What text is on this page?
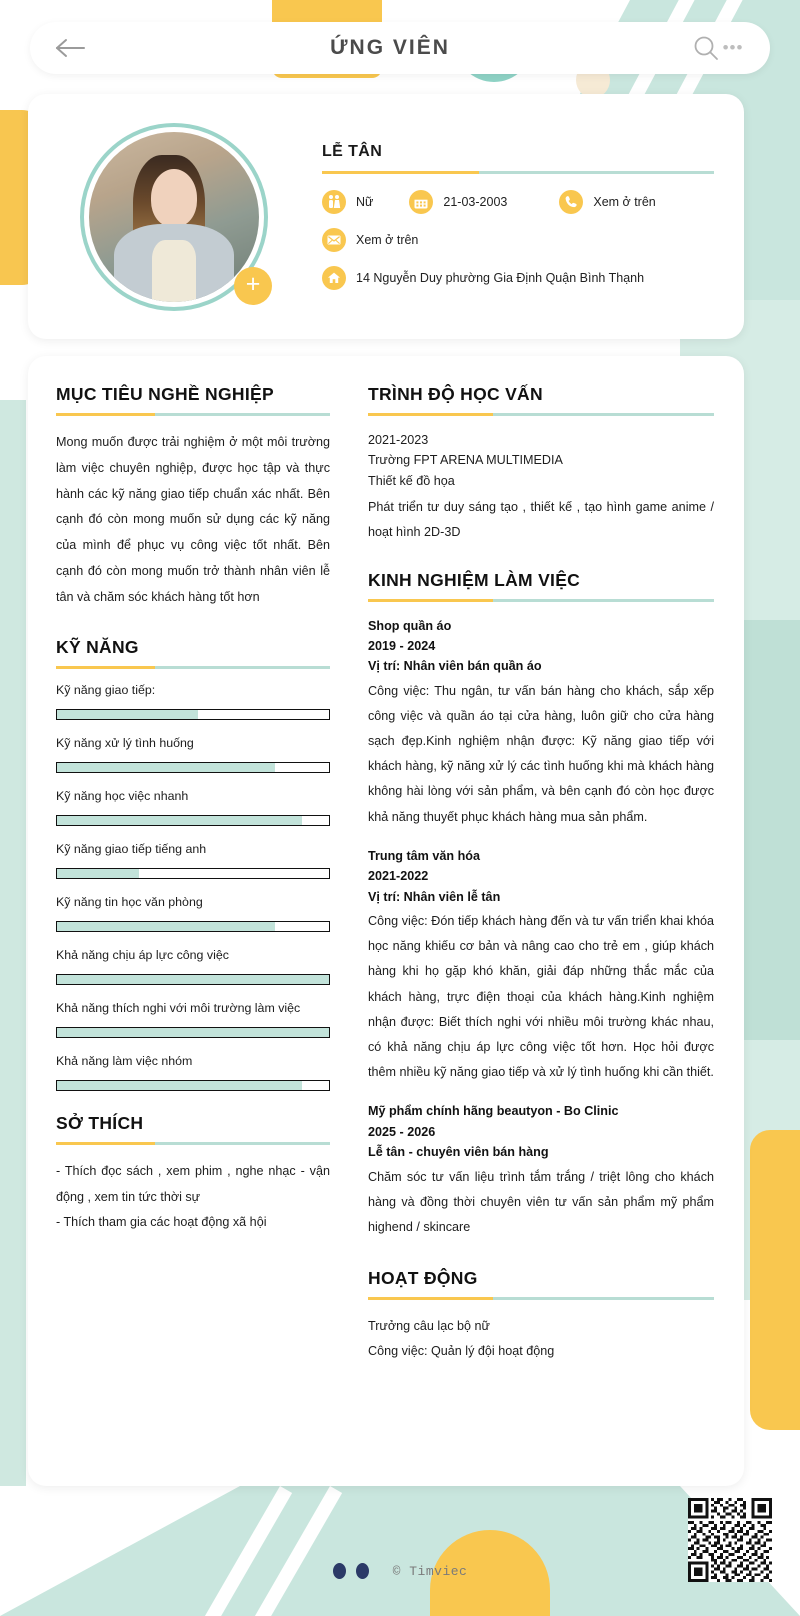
ỨNG VIÊN	•••
+
LỄ TÂN
Nữ	21-03-2003	Xem ở trên
Xem ở trên
14 Nguyễn Duy phường Gia Định Quận Bình Thạnh
MỤC TIÊU NGHỀ NGHIỆP

Mong muốn được trải nghiệm ở một môi trường làm việc chuyên nghiệp, được học tập và thực hành các kỹ năng giao tiếp chuẩn xác nhất. Bên cạnh đó còn mong muốn sử dụng các kỹ năng của mình để phục vụ công việc tốt nhất. Bên cạnh đó còn mong muốn trở thành nhân viên lễ tân và chăm sóc khách hàng tốt hơn

KỸ NĂNG
Kỹ năng giao tiếp:
Kỹ năng xử lý tình huống
Kỹ năng học việc nhanh
Kỹ năng giao tiếp tiếng anh
Kỹ năng tin học văn phòng
Khả năng chịu áp lực công việc
Khả năng thích nghi với môi trường làm việc
Khả năng làm việc nhóm
SỞ THÍCH

- Thích đọc sách , xem phim , nghe nhạc - vận động , xem tin tức thời sự

- Thích tham gia các hoạt động xã hội

TRÌNH ĐỘ HỌC VẤN
2021-2023
Trường FPT ARENA MULTIMEDIA
Thiết kế đồ họa

Phát triển tư duy sáng tạo , thiết kế , tạo hình game anime / hoạt hình 2D-3D

KINH NGHIỆM LÀM VIỆC
Shop quần áo
2019 - 2024
Vị trí: Nhân viên bán quần áo

Công việc: Thu ngân, tư vấn bán hàng cho khách, sắp xếp công việc và quần áo tại cửa hàng, luôn giữ cho cửa hàng sạch đẹp.Kinh nghiệm nhận được: Kỹ năng giao tiếp với khách hàng, kỹ năng xử lý các tình huống khi mà khách hàng không hài lòng với sản phẩm, và bên cạnh đó còn học được khả năng thuyết phục khách hàng mua sản phẩm.

Trung tâm văn hóa
2021-2022
Vị trí: Nhân viên lễ tân

Công việc: Đón tiếp khách hàng đến và tư vấn triển khai khóa học năng khiếu cơ bản và nâng cao cho trẻ em , giúp khách hàng khi họ gặp khó khăn, giải đáp những thắc mắc của khách hàng, trực điện thoại của khách hàng.Kinh nghiệm nhận được: Biết thích nghi với nhiều môi trường khác nhau, có khả năng chịu áp lực công việc tốt hơn. Học hỏi được thêm nhiều kỹ năng giao tiếp và xử lý tình huống khi cần thiết.

Mỹ phẩm chính hãng beautyon - Bo Clinic
2025 - 2026
Lễ tân - chuyên viên bán hàng

Chăm sóc tư vấn liệu trình tắm trắng / triệt lông cho khách hàng và đồng thời chuyên viên tư vấn sản phẩm mỹ phẩm highend / skincare

HOẠT ĐỘNG
Trưởng câu lạc bộ nữ
Công việc: Quản lý đội hoạt động
© Timviec
